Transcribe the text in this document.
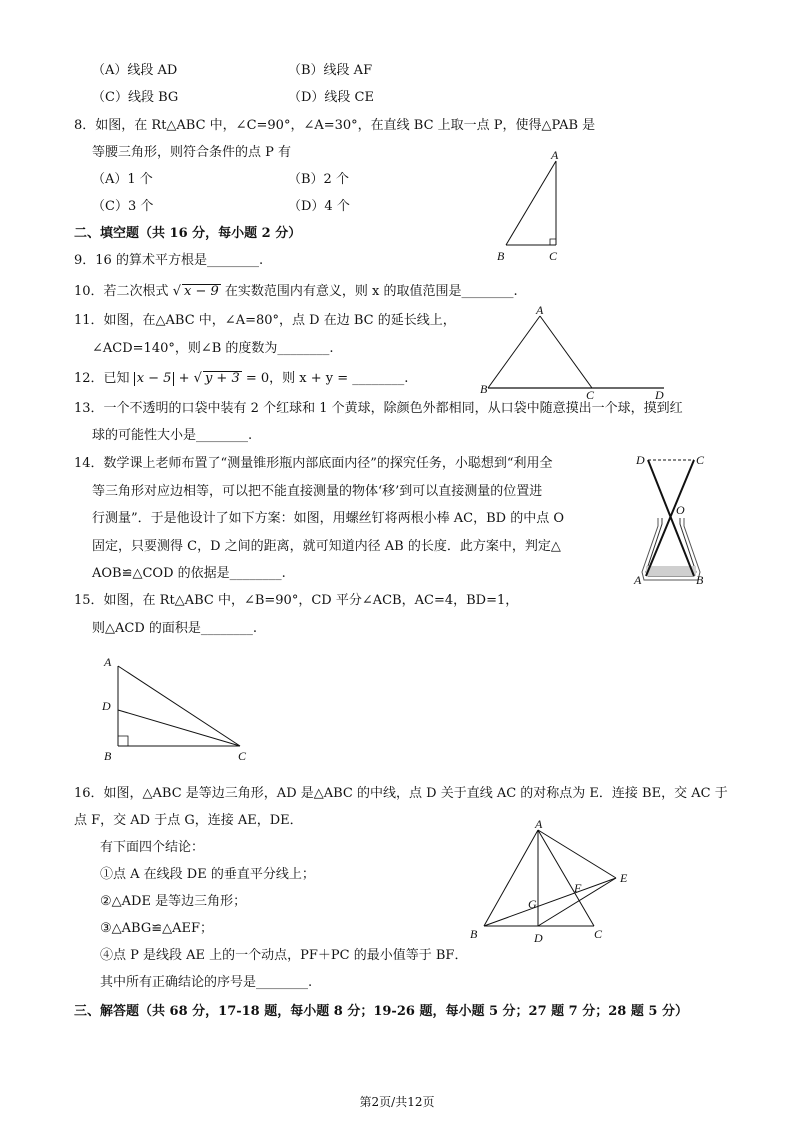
（A）线段 AD	（B）线段 AF
（C）线段 BG	（D）线段 CE
8．如图，在 Rt△ABC 中，∠C=90°，∠A=30°，在直线 BC 上取一点 P，使得△PAB 是
等腰三角形，则符合条件的点 P 有
（A）1 个	（B）2 个
（C）3 个	（D）4 个
A
B	C
二、填空题（共 16 分，每小题 2 分）
9．16 的算术平方根是________.
10．若二次根式 √ x − 9 在实数范围内有意义，则 x 的取值范围是________.
11．如图，在△ABC 中，∠A=80°，点 D 在边 BC 的延长线上，
∠ACD=140°，则∠B 的度数为________.
A
B	C	D
12．已知 x − 5 + √ y + 3 = 0，则 x + y = ________.
13．一个不透明的口袋中装有 2 个红球和 1 个黄球，除颜色外都相同，从口袋中随意摸出一个球，摸到红
球的可能性大小是________.
14．数学课上老师布置了“测量锥形瓶内部底面内径”的探究任务，小聪想到“利用全
等三角形对应边相等，可以把不能直接测量的物体‘移’到可以直接测量的位置进
行测量”．于是他设计了如下方案：如图，用螺丝钉将两根小棒 AC，BD 的中点 O
固定，只要测得 C，D 之间的距离，就可知道内径 AB 的长度．此方案中，判定△
AOB≌△COD 的依据是________.
D	C
O
A	B
15．如图，在 Rt△ABC 中，∠B=90°，CD 平分∠ACB，AC=4，BD=1，
则△ACD 的面积是________.
A
D
B	C
16．如图，△ABC 是等边三角形，AD 是△ABC 的中线，点 D 关于直线 AC 的对称点为 E．连接 BE，交 AC 于
点 F，交 AD 于点 G，连接 AE，DE．
有下面四个结论：
①点 A 在线段 DE 的垂直平分线上；
②△ADE 是等边三角形；
③△ABG≌△AEF；
④点 P 是线段 AE 上的一个动点，PF＋PC 的最小值等于 BF．
其中所有正确结论的序号是________.
A
B	D	C
E
F
G
三、解答题（共 68 分，17-18 题，每小题 8 分；19-26 题，每小题 5 分；27 题 7 分；28 题 5 分）
第2页/共12页
